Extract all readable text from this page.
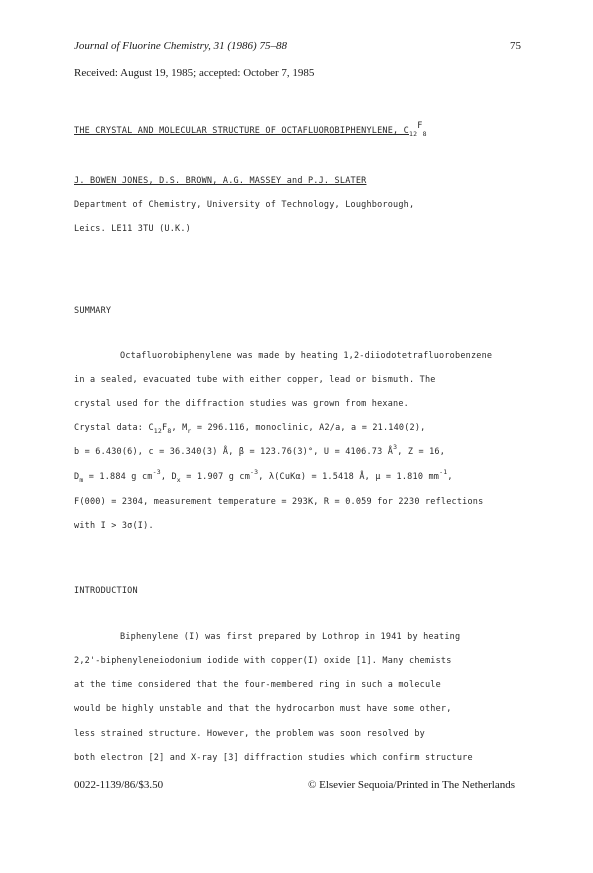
Journal of Fluorine Chemistry, 31 (1986) 75–88	75
Received: August 19, 1985; accepted: October 7, 1985
THE CRYSTAL AND MOLECULAR STRUCTURE OF OCTAFLUOROBIPHENYLENE, $C_{12}F_8$
J. BOWEN JONES, D.S. BROWN, A.G. MASSEY and P.J. SLATER
Department of Chemistry, University of Technology, Loughborough,
Leics. LE11 3TU (U.K.)
SUMMARY
Octafluorobiphenylene was made by heating 1,2-diiodotetrafluorobenzene
in a sealed, evacuated tube with either copper, lead or bismuth. The
crystal used for the diffraction studies was grown from hexane.
Crystal data: $C_{12}F_8$, $M_r = 296.116$, monoclinic, A2/a, a = 21.140(2),
b = 6.430(6), c = 36.340(3) Å, β = 123.76(3)°, U = 4106.73 $Å^3$, Z = 16,
$D_m = 1.884$ g $cm^{-3}$, $D_x = 1.907$ g $cm^{-3}$, λ(CuKα) = 1.5418 Å, μ = 1.810 $mm^{-1}$,
F(000) = 2304, measurement temperature = 293K, R = 0.059 for 2230 reflections
with I > 3σ(I).
INTRODUCTION
Biphenylene (I) was first prepared by Lothrop in 1941 by heating
2,2'-biphenyleneiodonium iodide with copper(I) oxide [1]. Many chemists
at the time considered that the four-membered ring in such a molecule
would be highly unstable and that the hydrocarbon must have some other,
less strained structure. However, the problem was soon resolved by
both electron [2] and X-ray [3] diffraction studies which confirm structure
0022-1139/86/$3.50	© Elsevier Sequoia/Printed in The Netherlands
